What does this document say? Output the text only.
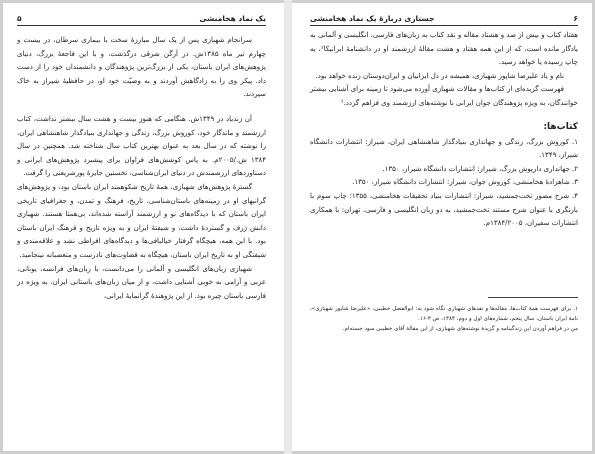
یک نماد هخامنشی
۵

سرانجام شهبازی پس از یک سال مبارزهٔ سخت با بیماری سرطان، در بیست و چهارم تیر ماه ۱۳۸۵ش. در آرگن شرقی درگذشت، و با این فاجعهٔ بزرگ، دنیای پژوهش‌های ایران باستان، یکی از بزرگ‌ترین پژوهندگان و دانشمندان خود را از دست داد. پیکر وی را به زادگاهش آوردند و به وصیّت خود او، در حافظیهٔ شیراز به خاک سپردند.

آن زندیاد در ۱۳۴۹ش. هنگامی که هنوز بیست و هشت سال بیشتر نداشت، کتاب ارزشمند و ماندگار خود، کوروش بزرگ، زندگی و جهانداری بنیادگذار شاهنشاهی ایران، را نوشته که در سال بعد به عنوان بهترین کتاب سال شناخته شد. همچنین در سال ۱۳۸۴ ش./۲۰۰۵م. به پاس کوشش‌های فراوان برای پیشبرد پژوهش‌های ایرانی و دستاوردهای ارزشمندش در دنیای ایران‌شناسی، نخستین جایزهٔ پورشریعتی را گرفت.

گسترهٔ پژوهش‌های شهبازی، همهٔ تاریخ شکوهمند ایران باستان بود، و پژوهش‌های گرانبهای او در زمینه‌های باستان‌شناسی، تاریخ، فرهنگ و تمدن، و جغرافیای تاریخی ایران باستان که با دیدگاه‌های نو و ارزشمند آراسته شده‌اند، بی‌همتا هستند. شهبازی دانش ژرف و گستردهٔ داشت، و شیفتهٔ ایران و به ویژه تاریخ و فرهنگ ایران باستان بود. با این همه، هیچگاه گرفتار خیالبافی‌ها و دیدگاه‌های افراطی نشد و علاقه‌مندی و شیفتگی او به تاریخ ایران باستان، هیچگاه به قضاوت‌های نادرست و متعصبانه نینجامید.

شهبازی زبان‌های انگلیسی و آلمانی را می‌دانست، با زبان‌های فرانسه، یونانی، عربی و آرامی به خوبی آشنایی داشت، و از میان زبان‌های باستانی ایران، به ویژه در فارسی باستان چیره بود. از این پژوهندهٔ گرانمایهٔ ایرانی،

۶
جستاری دربارهٔ یک نماد هخامنشی

هفتاد کتاب و بیش از صد و هشتاد مقاله و نقد کتاب به زبان‌های فارسی، انگلیسی و آلمانی به یادگار مانده است، که از این همه هفتاد و هشت مقالهٔ ارزشمند او در دانشنامهٔ ایرانیکا¹، به چاپ رسیده یا خواهد رسید.

نام و یاد علیرضا شاپور شهبازی، همیشه در دل ایرانیان و ایران‌دوستان زنده خواهد بود.

فهرست گزیده‌ای از کتاب‌ها و مقالات شهبازی آورده می‌شود تا زمینه برای آشنایی بیشتر خوانندگان، به ویژه پژوهندگان جوان ایرانی با نوشته‌های ارزشمند وی فراهم گردد.¹

کتاب‌ها:

۱. کوروش بزرگ، زندگی و جهانداری بنیادگذار شاهنشاهی ایران، شیراز: انتشارات دانشگاه شیراز، ۱۳۴۹.

۲. جهانداری داریوش بزرگ، شیراز: انتشارات دانشگاه شیراز، ۱۳۵۰.

۳. شاهزادهٔ هخامنشی، کوروش جوان، شیراز: انتشارات دانشگاه شیراز، ۱۳۵۰.

۴. شرح مصور تخت‌جمشید، شیراز: انتشارات بنیاد تحقیقات هخامنشی، ۱۳۵۵؛ چاپ سوم با بازنگری با عنوان شرح مستند تخت‌جمشید، به دو زبان انگلیسی و فارسی، تهران: با همکاری انتشارات سفیران، ۱۳۸۴/۲۰۰۵م.

۱. برای فهرست همهٔ کتاب‌ها، مقاله‌ها و نقدهای شهبازی نگاه شود به: ابوالفضل خطیبی، «علیرضا شاپور شهبازی»، نامهٔ ایران باستان، سال پنجم، شماره‌های اول و دوم، ۱۳۸۴، ص ۳-۱۶.

من در فراهم آوردن این زندگینامه و گزیدهٔ نوشته‌های شهبازی، از این مقالهٔ آقای خطیبی سود جسته‌ام.
